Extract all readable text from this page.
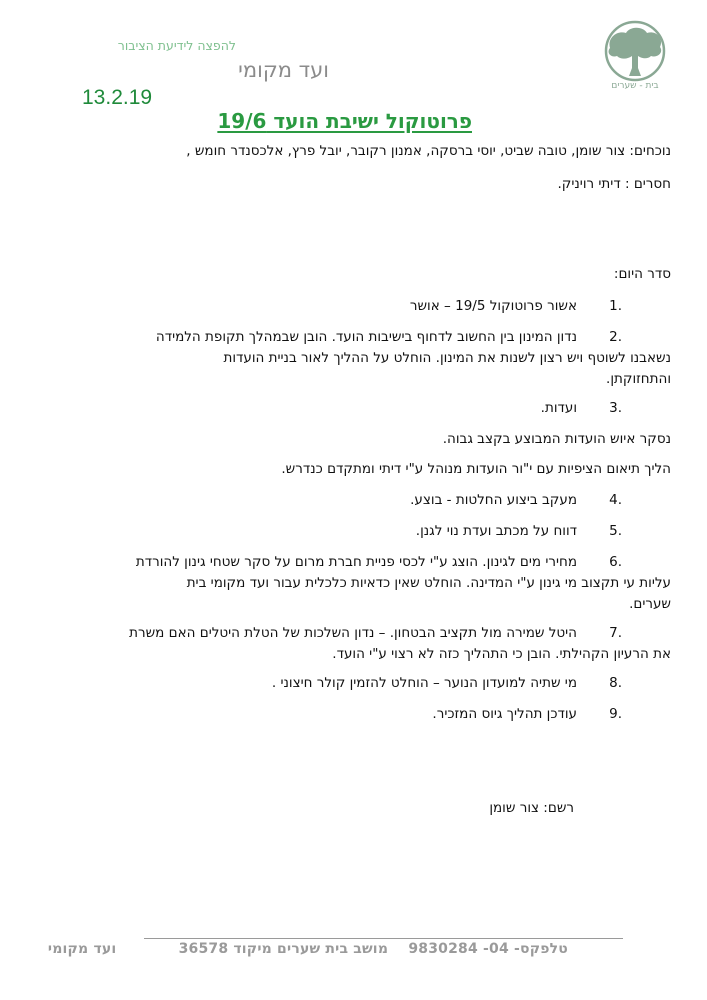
להפצה לידיעת הציבור
ועד מקומי
13.2.19	בית - שערים
פרוטוקול ישיבת הועד 19/6
נוכחים: צור שומן, טובה שביט, יוסי ברסקה, אמנון רקובר, יובל פרץ, אלכסנדר חומש ,
חסרים : דיתי רויניק.
סדר היום:
1.
אשור פרוטוקול 19/5 – אושר
2.
נדון המינון בין החשוב לדחוף בישיבות הועד. הובן שבמהלך תקופת הלמידה
נשאבנו לשוטף ויש רצון לשנות את המינון. הוחלט על ההליך לאור בניית הועדות
והתחזוקתן.
3.
ועדות.
נסקר איוש הועדות המבוצע בקצב גבוה.
הליך תיאום הציפיות עם י"ור הועדות מנוהל ע"י דיתי ומתקדם כנדרש.
4.
מעקב ביצוע החלטות - בוצע.
5.
דווח על מכתב ועדת נוי לגנן.
6.
מחירי מים לגינון. הוצג ע"י לכסי פניית חברת מרום על סקר שטחי גינון להורדת
עליות עי תקצוב מי גינון ע"י המדינה. הוחלט שאין כדאיות כלכלית עבור ועד מקומי בית
שערים.
7.
היטל שמירה מול תקציב הבטחון. – נדון השלכות של הטלת היטלים האם משרת
את הרעיון הקהילתי. הובן כי התהליך כזה לא רצוי ע"י הועד.
8.
מי שתיה למועדון הנוער – הוחלט להזמין קולר חיצוני .
9.
עודכן תהליך גיוס המזכיר.
רשם: צור שומן
ועד מקומי	מושב בית שערים מיקוד 36578 טלפקס- 04- 9830284
